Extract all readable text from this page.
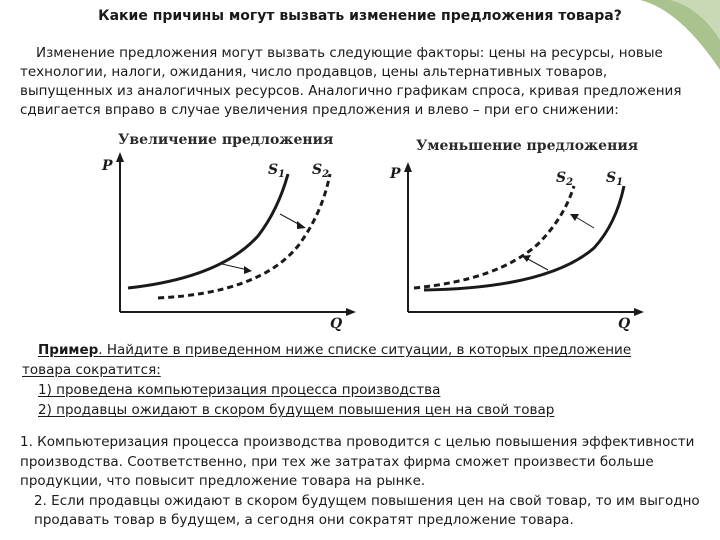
Какие причины могут вызвать изменение предложения товара?

Изменение предложения могут вызвать следующие факторы: цены на ресурсы, новые технологии, налоги, ожидания, число продавцов, цены альтернативных товаров, выпущенных из аналогичных ресурсов. Аналогично графикам спроса, кривая предложения сдвигается вправо в случае увеличения предложения и влево – при его снижении:

Увеличение предложения
P
Q
$S_1$ $S_2$
Уменьшение предложения
P
Q
$S_2$ $S_1$
Пример. Найдите в приведенном ниже списке ситуации, в которых предложение
товара сократится:
1) проведена компьютеризация процесса производства
2) продавцы ожидают в скором будущем повышения цен на свой товар

1. Компьютеризация процесса производства проводится с целью повышения эффективности производства. Соответственно, при тех же затратах фирма сможет произвести больше продукции, что повысит предложение товара на рынке.

2. Если продавцы ожидают в скором будущем повышения цен на свой товар, то им выгодно продавать товар в будущем, а сегодня они сократят предложение товара.
